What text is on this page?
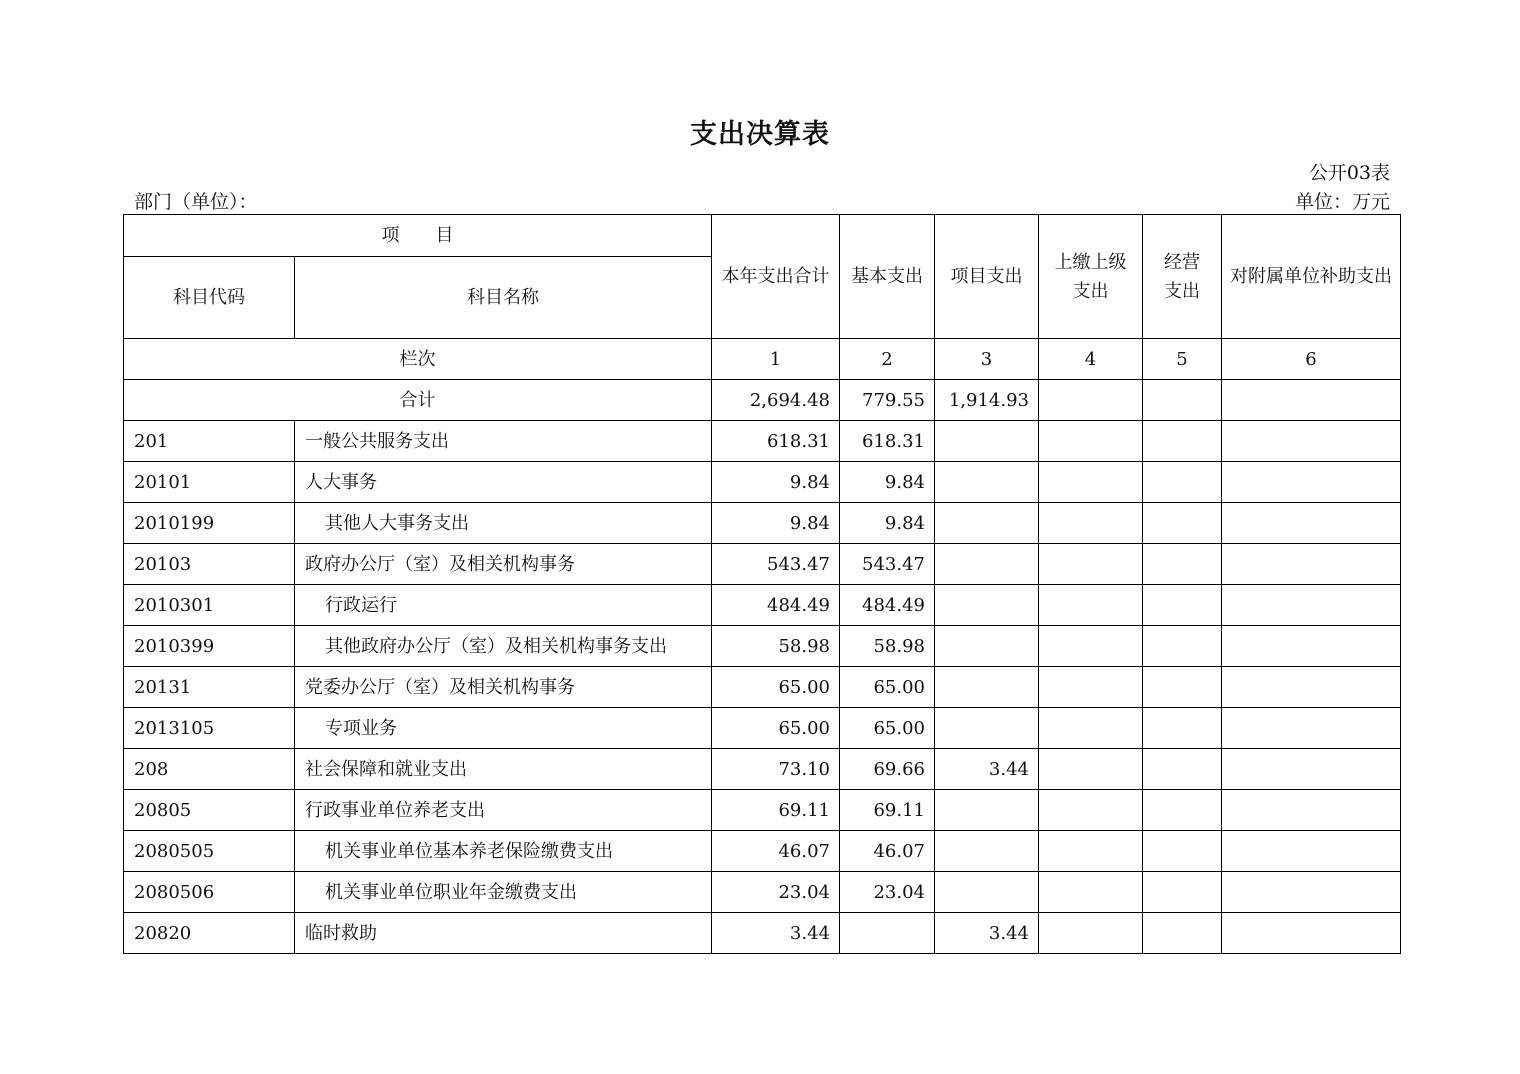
支出决算表
公开03表
部门（单位）：	单位：万元
项　　目		本年支出合计	基本支出	项目支出	上缴上级支出	经营支出	对附属单位补助支出
科目代码	科目名称						
栏次		1	2	3	4	5	6
合计		2,694.48	779.55	1,914.93			
201	一般公共服务支出	618.31	618.31				
20101	人大事务	9.84	9.84				
2010199	其他人大事务支出	9.84	9.84				
20103	政府办公厅（室）及相关机构事务	543.47	543.47				
2010301	行政运行	484.49	484.49				
2010399	其他政府办公厅（室）及相关机构事务支出	58.98	58.98				
20131	党委办公厅（室）及相关机构事务	65.00	65.00				
2013105	专项业务	65.00	65.00				
208	社会保障和就业支出	73.10	69.66	3.44			
20805	行政事业单位养老支出	69.11	69.11				
2080505	机关事业单位基本养老保险缴费支出	46.07	46.07				
2080506	机关事业单位职业年金缴费支出	23.04	23.04				
20820	临时救助	3.44		3.44			
